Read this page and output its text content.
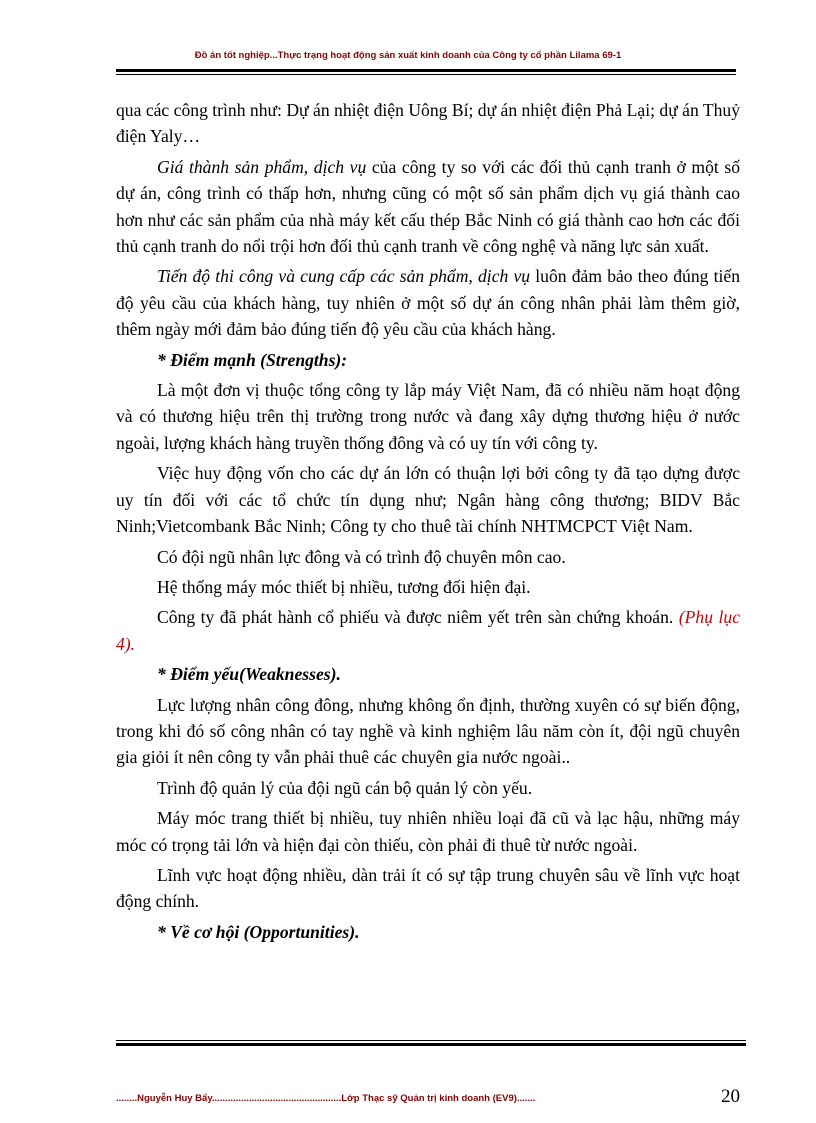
Đồ án tốt nghiệp...Thực trạng hoạt động sản xuất kinh doanh của Công ty cổ phần Lilama 69-1

qua các công trình như: Dự án nhiệt điện Uông Bí; dự án nhiệt điện Phả Lại; dự án Thuỷ điện Yaly…

Giá thành sản phẩm, dịch vụ của công ty so với các đối thủ cạnh tranh ở một số dự án, công trình có thấp hơn, nhưng cũng có một số sản phẩm dịch vụ giá thành cao hơn như các sản phẩm của nhà máy kết cấu thép Bắc Ninh có giá thành cao hơn các đối thủ cạnh tranh do nổi trội hơn đối thủ cạnh tranh về công nghệ và năng lực sản xuất.

Tiến độ thi công và cung cấp các sản phẩm, dịch vụ luôn đảm bảo theo đúng tiến độ yêu cầu của khách hàng, tuy nhiên ở một số dự án công nhân phải làm thêm giờ, thêm ngày mới đảm bảo đúng tiến độ yêu cầu của khách hàng.

* Điểm mạnh (Strengths):

Là một đơn vị thuộc tổng công ty lắp máy Việt Nam, đã có nhiều năm hoạt động và có thương hiệu trên thị trường trong nước và đang xây dựng thương hiệu ở nước ngoài, lượng khách hàng truyền thống đông và có uy tín với công ty.

Việc huy động vốn cho các dự án lớn có thuận lợi bởi công ty đã tạo dựng được uy tín đối với các tổ chức tín dụng như; Ngân hàng công thương; BIDV Bắc Ninh;Vietcombank Bắc Ninh; Công ty cho thuê tài chính NHTMCPCT Việt Nam.

Có đội ngũ nhân lực đông và có trình độ chuyên môn cao.

Hệ thống máy móc thiết bị nhiều, tương đối hiện đại.

Công ty đã phát hành cổ phiếu và được niêm yết trên sàn chứng khoán. (Phụ lục 4).

* Điểm yếu(Weaknesses).

Lực lượng nhân công đông, nhưng không ổn định, thường xuyên có sự biến động, trong khi đó số công nhân có tay nghề và kinh nghiệm lâu năm còn ít, đội ngũ chuyên gia giỏi ít nên công ty vẫn phải thuê các chuyên gia nước ngoài..

Trình độ quản lý của đội ngũ cán bộ quản lý còn yếu.

Máy móc trang thiết bị nhiều, tuy nhiên nhiều loại đã cũ và lạc hậu, những máy móc có trọng tải lớn và hiện đại còn thiếu, còn phải đi thuê từ nước ngoài.

Lĩnh vực hoạt động nhiều, dàn trải ít có sự tập trung chuyên sâu về lĩnh vực hoạt động chính.

* Về cơ hội (Opportunities).

........Nguyễn Huy Bẩy.................................................Lớp Thạc sỹ Quản trị kinh doanh (EV9).......	20
